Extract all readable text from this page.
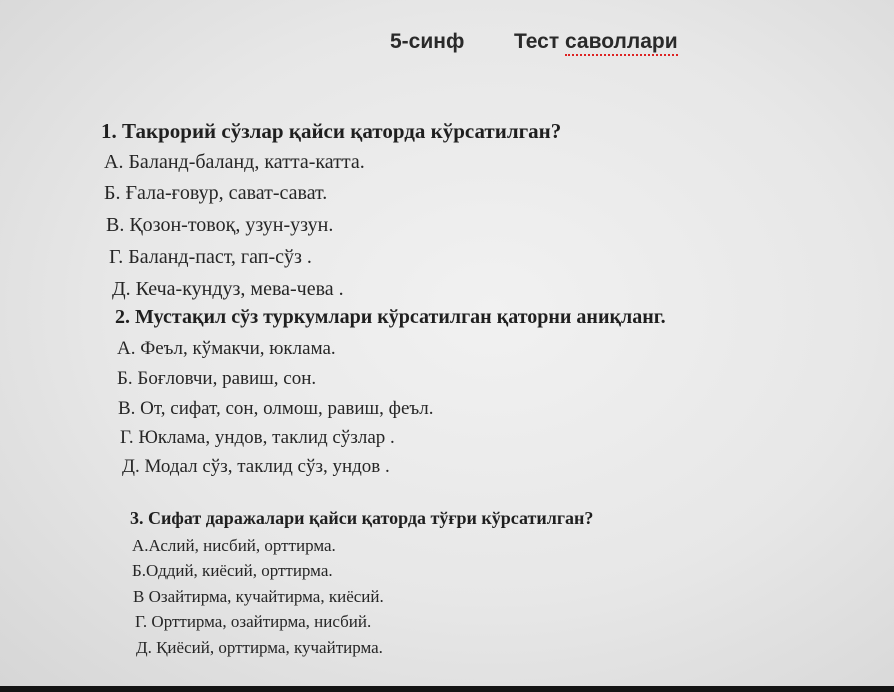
5-синф Тест саволлари
1. Такрорий сўзлар қайси қаторда кўрсатилган?
А. Баланд-баланд, катта-катта.
Б. Ғала-ғовур, сават-сават.
В. Қозон-товоқ, узун-узун.
Г. Баланд-паст, гап-сўз .
Д. Кеча-кундуз, мева-чева .
2. Мустақил сўз туркумлари кўрсатилган қаторни аниқланг.
А. Феъл, кўмакчи, юклама.
Б. Боғловчи, равиш, сон.
В. От, сифат, сон, олмош, равиш, феъл.
Г. Юклама, ундов, таклид сўзлар .
Д. Модал сўз, таклид сўз, ундов .
3. Сифат даражалари қайси қаторда тўғри кўрсатилган?
А.Аслий, нисбий, орттирма.
Б.Оддий, киёсий, орттирма.
В Озайтирма, кучайтирма, киёсий.
Г. Орттирма, озайтирма, нисбий.
Д. Қиёсий, орттирма, кучайтирма.
